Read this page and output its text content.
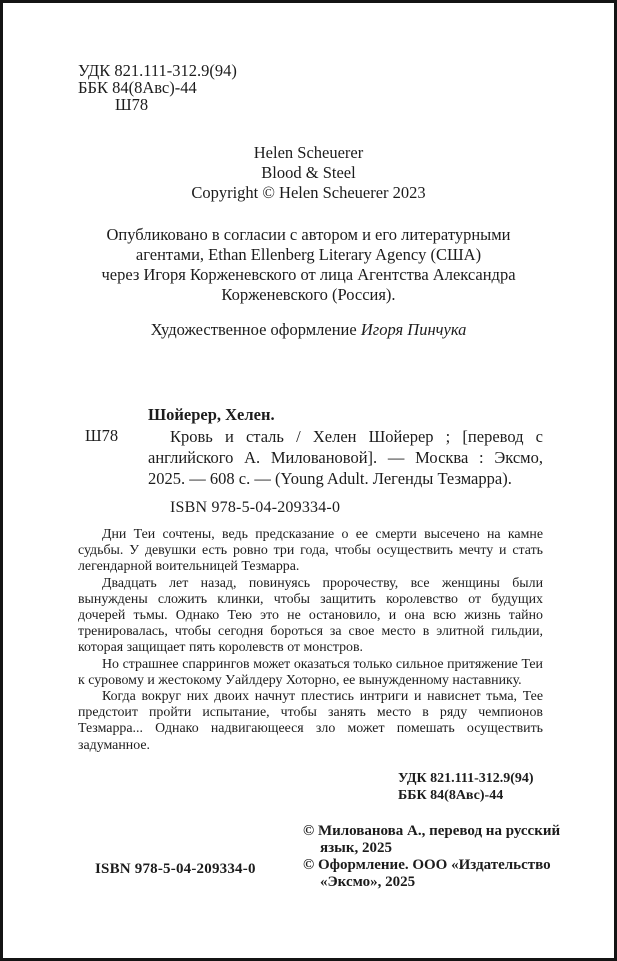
УДК 821.111-312.9(94)
ББК 84(8Авс)-44
Ш78
Helen Scheuerer
Blood & Steel
Copyright © Helen Scheuerer 2023
Опубликовано в согласии с автором и его литературными
агентами, Ethan Ellenberg Literary Agency (США)
через Игоря Корженевского от лица Агентства Александра
Корженевского (Россия).
Художественное оформление Игоря Пинчука
Шойерер, Хелен.
Ш78	Кровь и сталь / Хелен Шойерер ; [перевод с английского А. Миловановой]. — Москва : Эксмо, 2025. — 608 с. — (Young Adult. Легенды Тезмарра).
ISBN 978-5-04-209334-0

Дни Теи сочтены, ведь предсказание о ее смерти высечено на камне судьбы. У девушки есть ровно три года, чтобы осуществить мечту и стать легендарной воительницей Тезмарра.

Двадцать лет назад, повинуясь пророчеству, все женщины были вынуждены сложить клинки, чтобы защитить королевство от будущих дочерей тьмы. Однако Тею это не остановило, и она всю жизнь тайно тренировалась, чтобы сегодня бороться за свое место в элитной гильдии, которая защищает пять королевств от монстров.

Но страшнее спаррингов может оказаться только сильное притяжение Теи к суровому и жестокому Уайлдеру Хоторно, ее вынужденному наставнику.

Когда вокруг них двоих начнут плестись интриги и нависнет тьма, Тее предстоит пройти испытание, чтобы занять место в ряду чемпионов Тезмарра... Однако надвигающееся зло может помешать осуществить задуманное.

УДК 821.111-312.9(94)
ББК 84(8Авс)-44

© Милованова А., перевод на русский язык, 2025

© Оформление. ООО «Издательство «Эксмо», 2025

ISBN 978-5-04-209334-0
